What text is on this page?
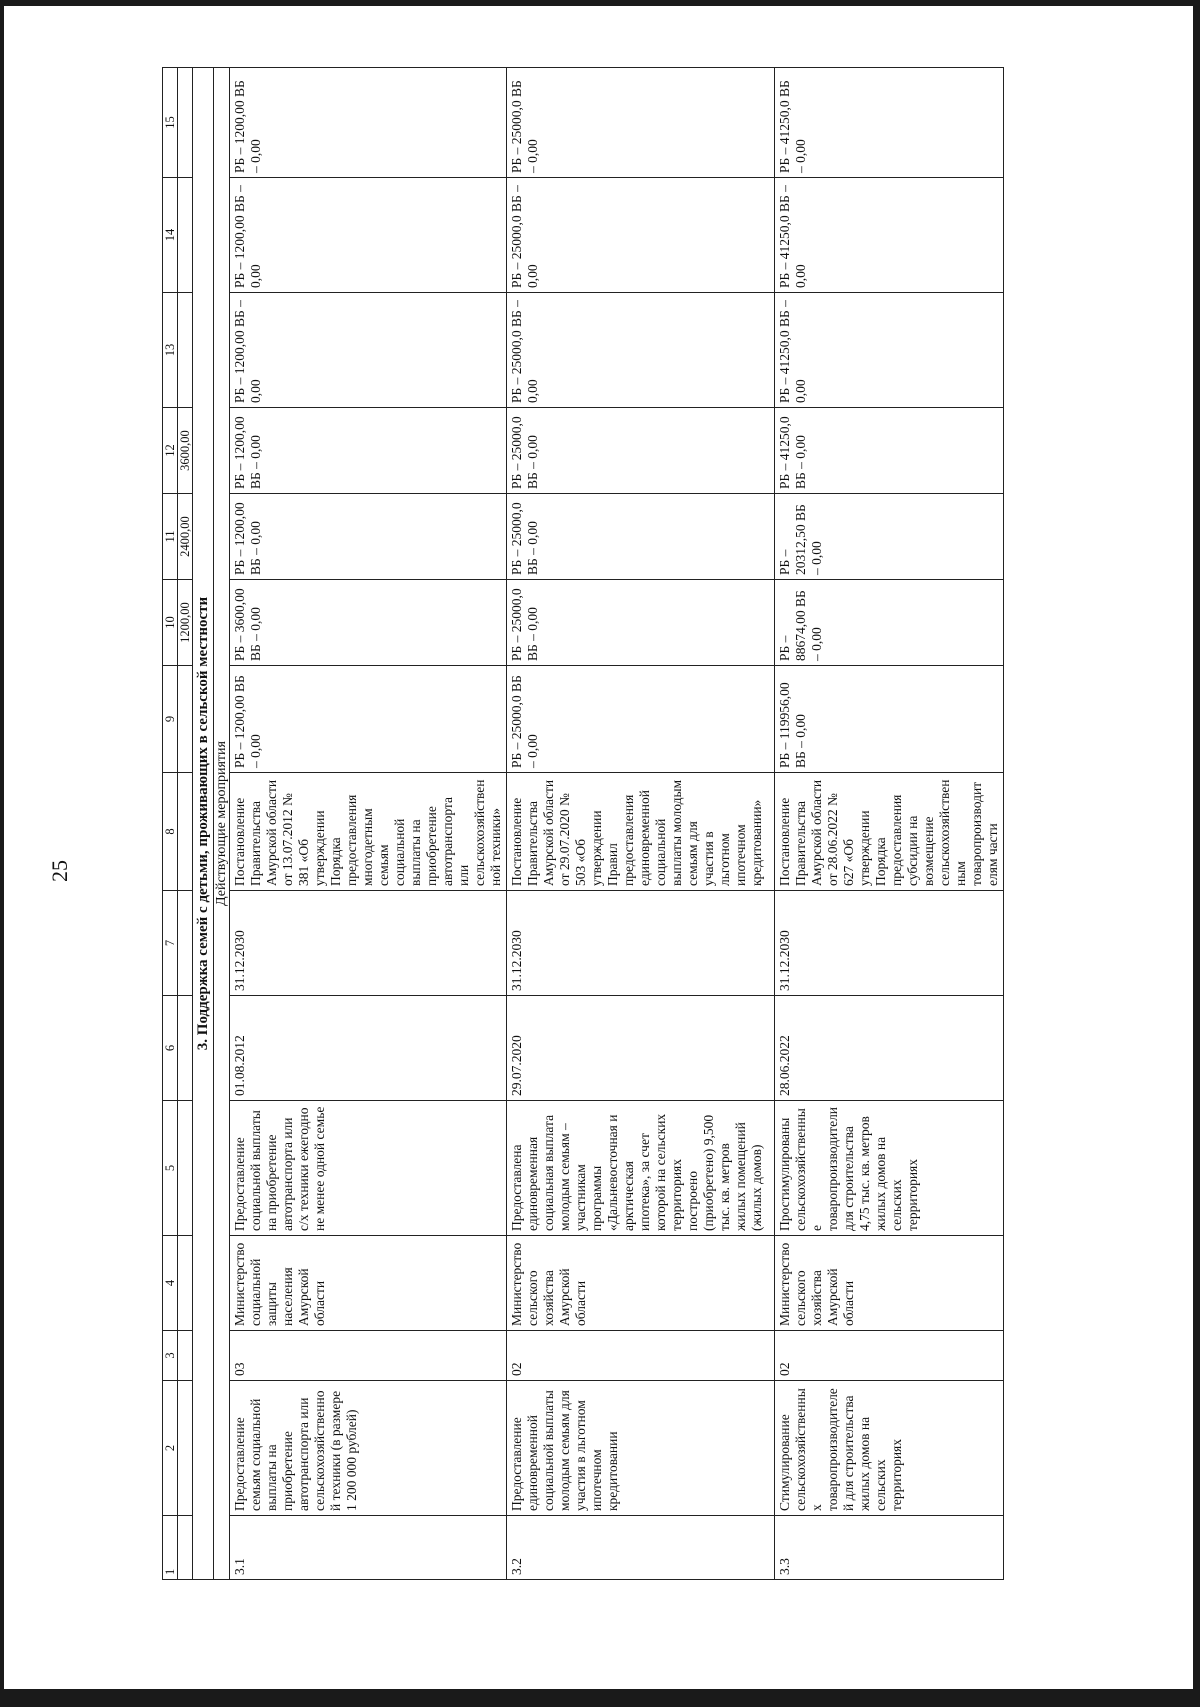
25
1	2	3	4	5	6	7	8	9	10	11	12	13	14	15
									1200,00	2400,00	3600,00			
3. Поддержка семей с детьми, проживающих в сельской местности														
Действующие мероприятия														
3.1	Предоставление семьям социальной выплаты на приобретение автотранспорта или сельскохозяйственной техники (в размере 1 200 000 рублей)	03	Министерство социальной защиты населения Амурской области	Предоставление социальной выплаты на приобретение автотранспорта или с/х техники ежегодно не менее одной семье	01.08.2012	31.12.2030	Постановление Правительства Амурской области от 13.07.2012 № 381 «Об утверждении Порядка предоставления многодетным семьям социальной выплаты на приобретение автотранспорта или сельскохозяйственной техники»	РБ – 1200,00 ВБ – 0,00	РБ – 3600,00 ВБ – 0,00	РБ – 1200,00 ВБ – 0,00	РБ – 1200,00 ВБ – 0,00	РБ – 1200,00 ВБ – 0,00	РБ – 1200,00 ВБ – 0,00	РБ – 1200,00 ВБ – 0,00
3.2	Предоставление единовременной социальной выплаты молодым семьям для участия в льготном ипотечном кредитовании	02	Министерство сельского хозяйства Амурской области	Предоставлена единовременная социальная выплата молодым семьям – участникам программы «Дальневосточная и арктическая ипотека», за счет которой на сельских территориях построено (приобретено) 9,500 тыс. кв. метров жилых помещений (жилых домов)	29.07.2020	31.12.2030	Постановление Правительства Амурской области от 29.07.2020 № 503 «Об утверждении Правил предоставления единовременной социальной выплаты молодым семьям для участия в льготном ипотечном кредитовании»	РБ – 25000,0 ВБ – 0,00	РБ – 25000,0 ВБ – 0,00	РБ – 25000,0 ВБ – 0,00	РБ – 25000,0 ВБ – 0,00	РБ – 25000,0 ВБ – 0,00	РБ – 25000,0 ВБ – 0,00	РБ – 25000,0 ВБ – 0,00
3.3	Стимулирование сельскохозяйственных товаропроизводителей для строительства жилых домов на сельских территориях	02	Министерство сельского хозяйства Амурской области	Простимулированы сельскохозяйственные товаропроизводители для строительства 4,75 тыс. кв. метров жилых домов на сельских территориях	28.06.2022	31.12.2030	Постановление Правительства Амурской области от 28.06.2022 № 627 «Об утверждении Порядка предоставления субсидии на возмещение сельскохозяйственным товаропроизводителям части	РБ – 119956,00 ВБ – 0,00	РБ – 88674,00 ВБ – 0,00	РБ – 20312,50 ВБ – 0,00	РБ – 41250,0 ВБ – 0,00	РБ – 41250,0 ВБ – 0,00	РБ – 41250,0 ВБ – 0,00	РБ – 41250,0 ВБ – 0,00
